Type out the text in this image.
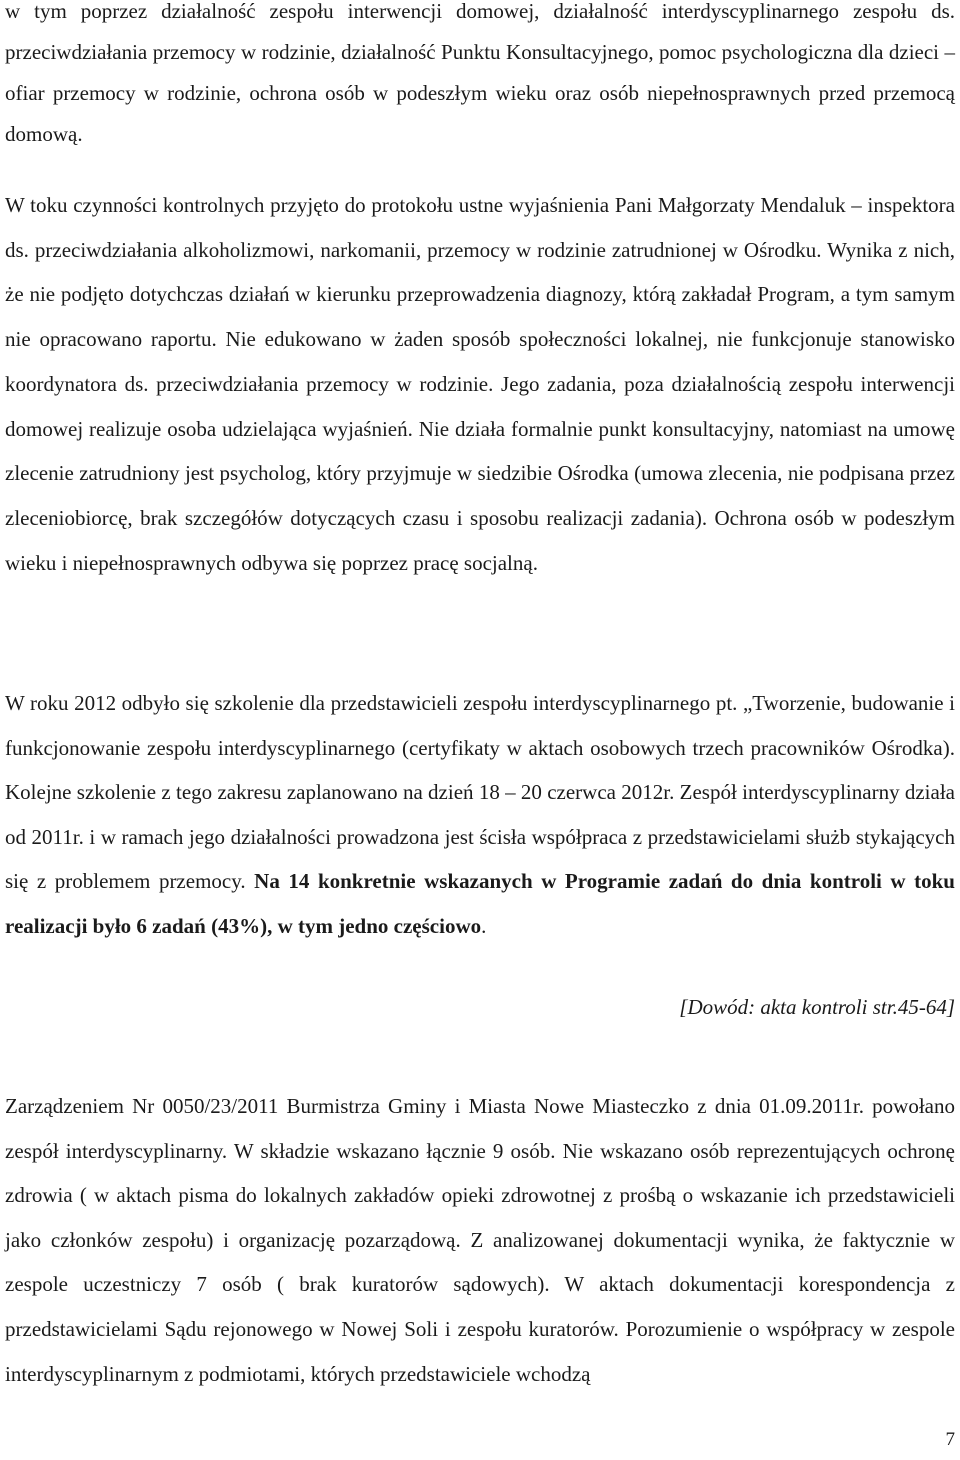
w tym poprzez działalność zespołu interwencji domowej, działalność interdyscyplinarnego zespołu ds. przeciwdziałania przemocy w rodzinie, działalność Punktu Konsultacyjnego, pomoc psychologiczna dla dzieci – ofiar przemocy w rodzinie, ochrona osób w podeszłym wieku oraz osób niepełnosprawnych przed przemocą domową.

W toku czynności kontrolnych przyjęto do protokołu ustne wyjaśnienia Pani Małgorzaty Mendaluk – inspektora ds. przeciwdziałania alkoholizmowi, narkomanii, przemocy w rodzinie zatrudnionej w Ośrodku. Wynika z nich, że nie podjęto dotychczas działań w kierunku przeprowadzenia diagnozy, którą zakładał Program, a tym samym nie opracowano raportu. Nie edukowano w żaden sposób społeczności lokalnej, nie funkcjonuje stanowisko koordynatora ds. przeciwdziałania przemocy w rodzinie. Jego zadania, poza działalnością zespołu interwencji domowej realizuje osoba udzielająca wyjaśnień. Nie działa formalnie punkt konsultacyjny, natomiast na umowę zlecenie zatrudniony jest psycholog, który przyjmuje w siedzibie Ośrodka (umowa zlecenia, nie podpisana przez zleceniobiorcę, brak szczegółów dotyczących czasu i sposobu realizacji zadania). Ochrona osób w podeszłym wieku i niepełnosprawnych odbywa się poprzez pracę socjalną.

W roku 2012 odbyło się szkolenie dla przedstawicieli zespołu interdyscyplinarnego pt. „Tworzenie, budowanie i funkcjonowanie zespołu interdyscyplinarnego (certyfikaty w aktach osobowych trzech pracowników Ośrodka). Kolejne szkolenie z tego zakresu zaplanowano na dzień 18 – 20 czerwca 2012r. Zespół interdyscyplinarny działa od 2011r. i w ramach jego działalności prowadzona jest ścisła współpraca z przedstawicielami służb stykających się z problemem przemocy. Na 14 konkretnie wskazanych w Programie zadań do dnia kontroli w toku realizacji było 6 zadań (43%), w tym jedno częściowo.

[Dowód: akta kontroli str.45-64]

Zarządzeniem Nr 0050/23/2011 Burmistrza Gminy i Miasta Nowe Miasteczko z dnia 01.09.2011r. powołano zespół interdyscyplinarny. W składzie wskazano łącznie 9 osób. Nie wskazano osób reprezentujących ochronę zdrowia ( w aktach pisma do lokalnych zakładów opieki zdrowotnej z prośbą o wskazanie ich przedstawicieli jako członków zespołu) i organizację pozarządową. Z analizowanej dokumentacji wynika, że faktycznie w zespole uczestniczy 7 osób ( brak kuratorów sądowych). W aktach dokumentacji korespondencja z przedstawicielami Sądu rejonowego w Nowej Soli i zespołu kuratorów. Porozumienie o współpracy w zespole interdyscyplinarnym z podmiotami, których przedstawiciele wchodzą

7
